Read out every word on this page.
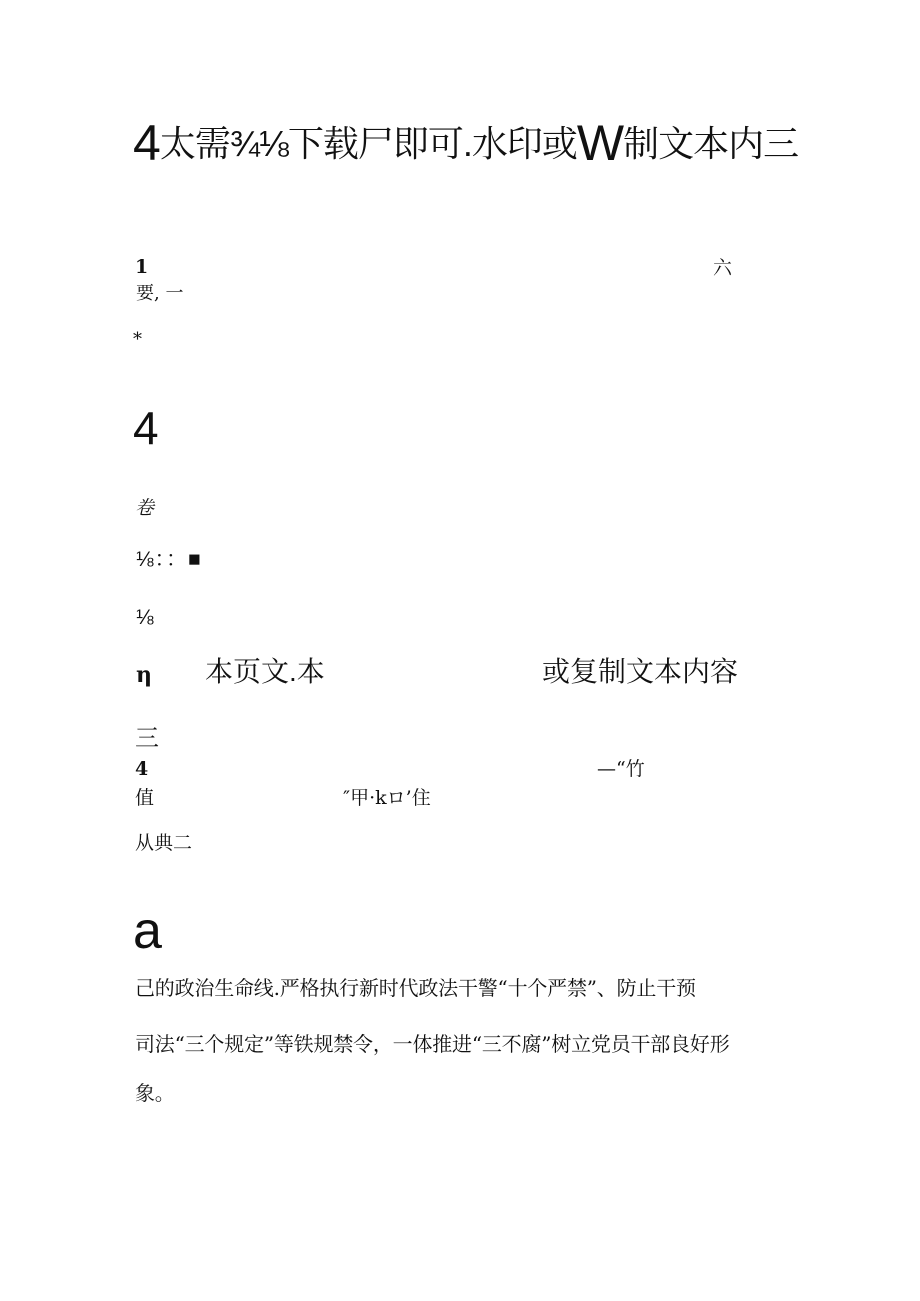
4太需¾⅛下载尸即可.水印或W制文本内三
1	六
要, 一
*
4
卷
⅛：：■
⅛
η 本页文.本	或复制文本内容
三
4	—“竹
值	″甲·kロ’住
从典二
a
己的政治生命线.严格执行新时代政法干警“十个严禁”、防止干预
司法“三个规定”等铁规禁令，一体推进“三不腐”树立党员干部良好形
象。
